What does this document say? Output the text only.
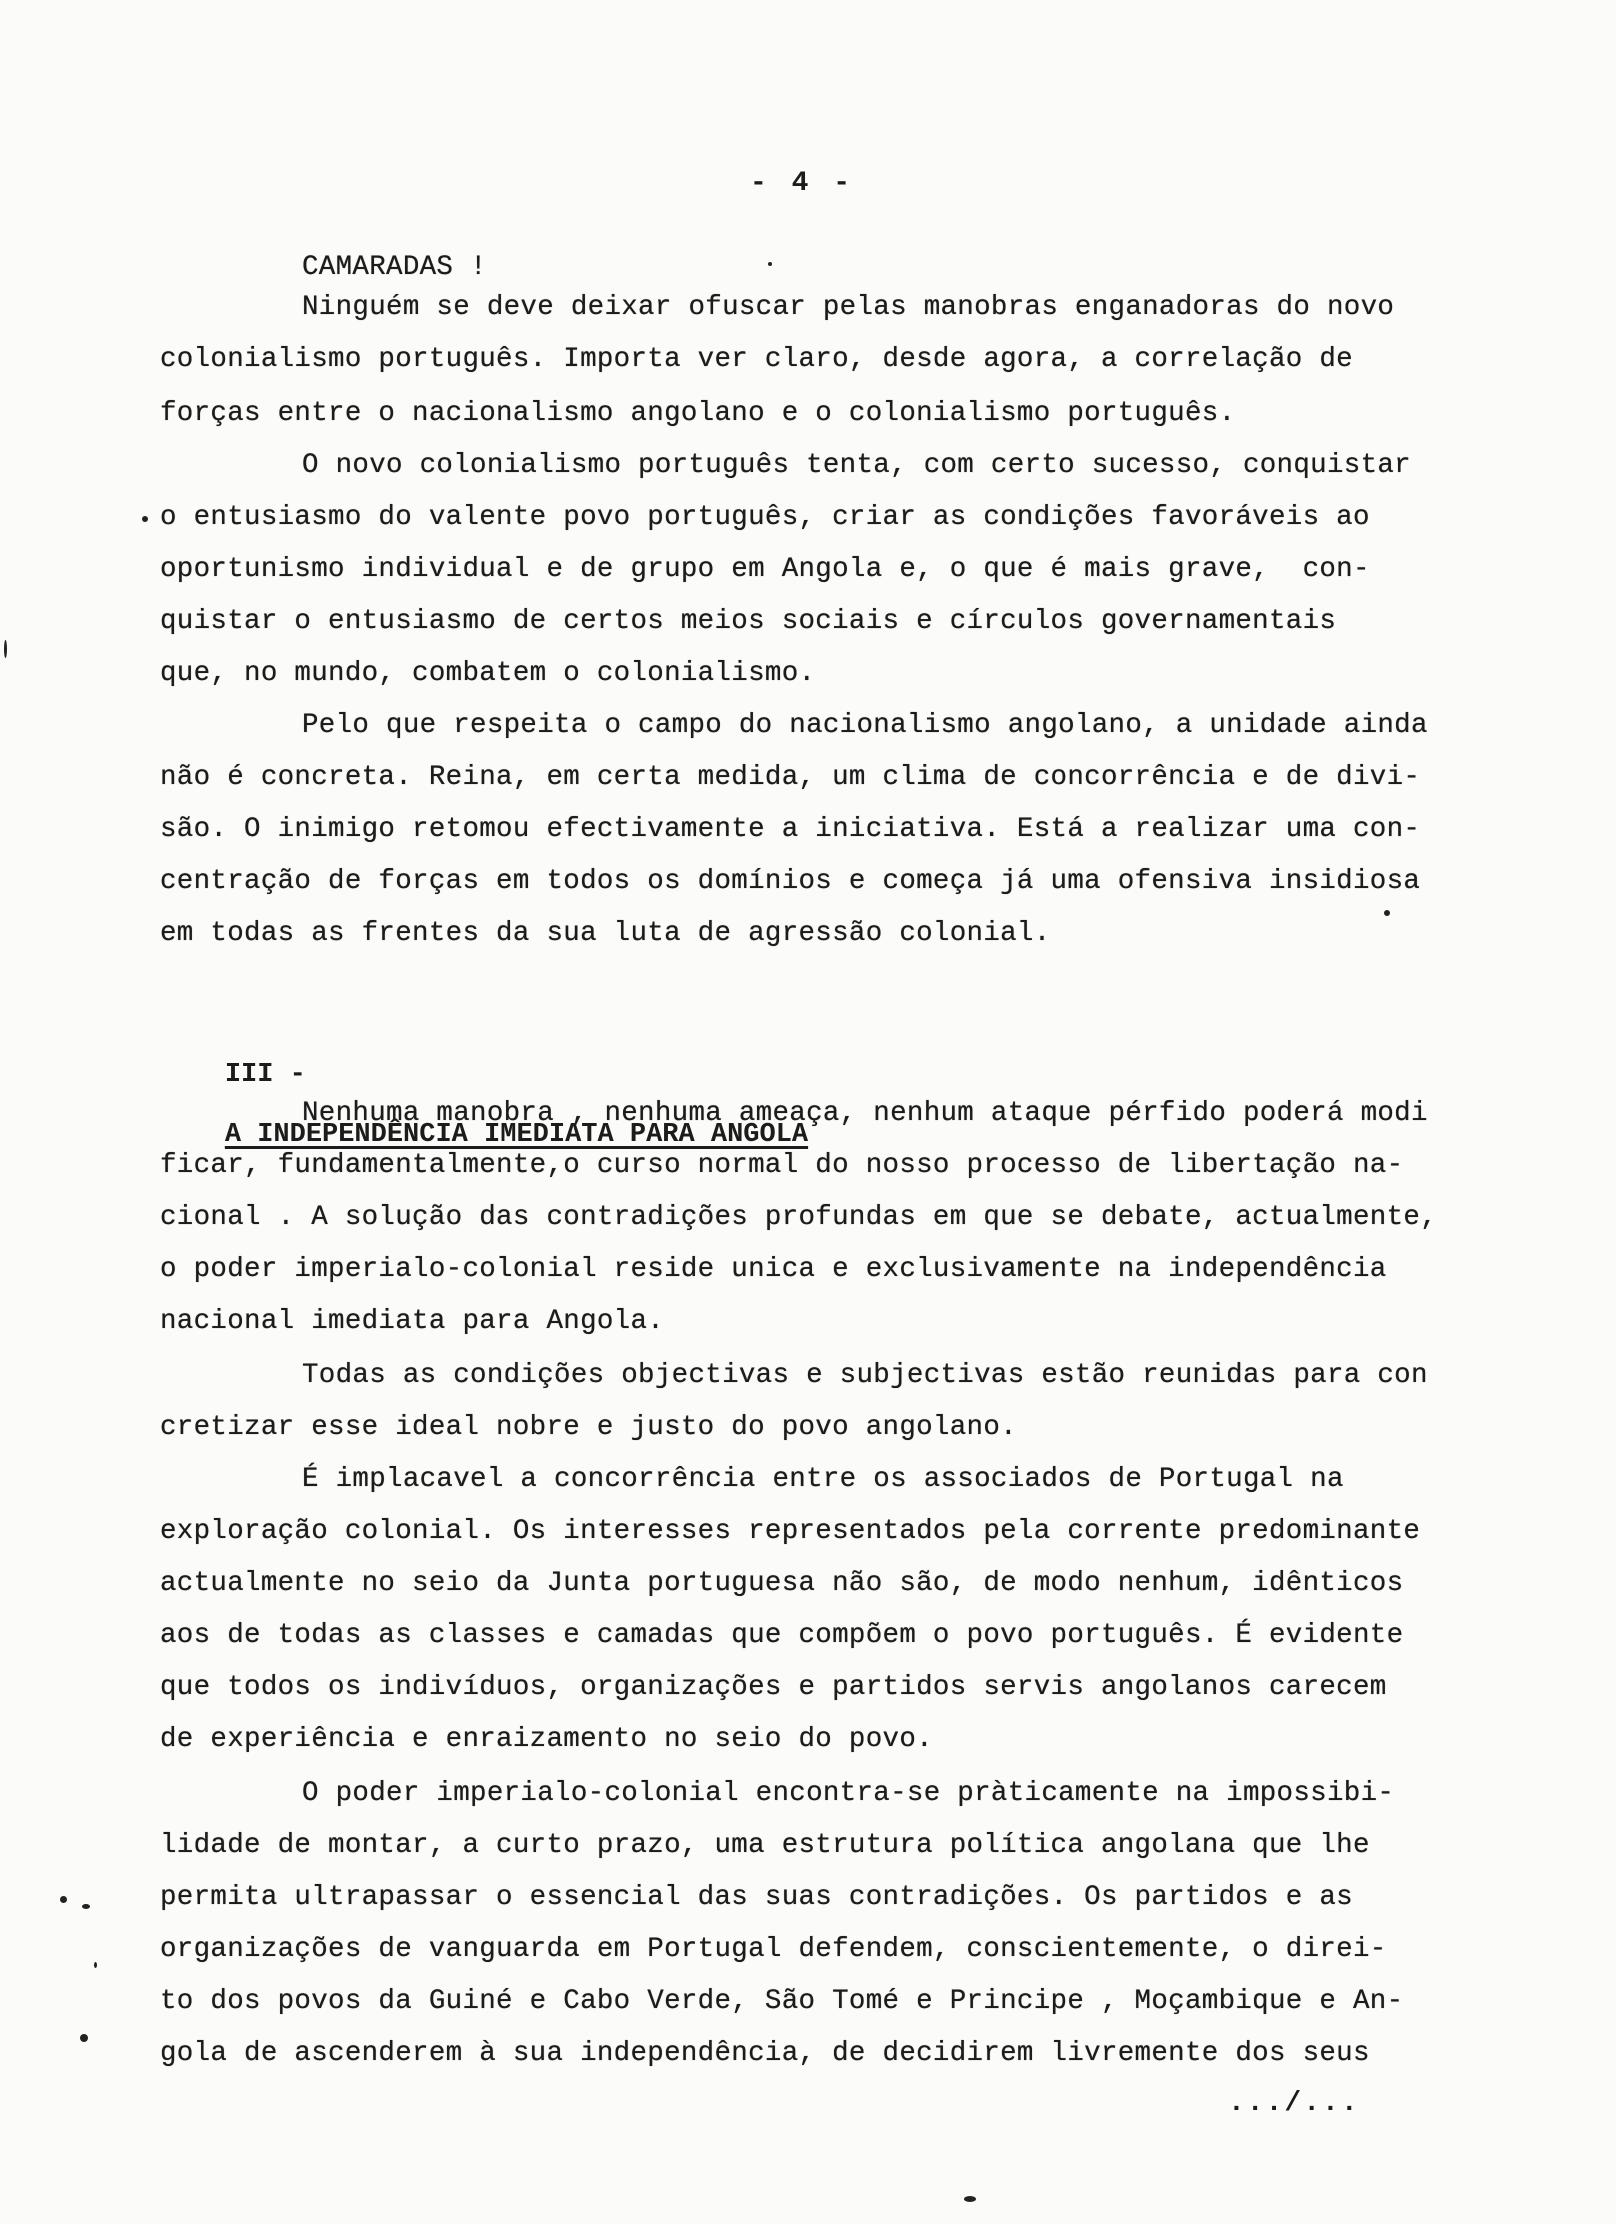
- 4 -
CAMARADAS !
Ninguém se deve deixar ofuscar pelas manobras enganadoras do novo
colonialismo português. Importa ver claro, desde agora, a correlação de
forças entre o nacionalismo angolano e o colonialismo português.
O novo colonialismo português tenta, com certo sucesso, conquistar
o entusiasmo do valente povo português, criar as condições favoráveis ao
oportunismo individual e de grupo em Angola e, o que é mais grave,  con-
quistar o entusiasmo de certos meios sociais e círculos governamentais
que, no mundo, combatem o colonialismo.
Pelo que respeita o campo do nacionalismo angolano, a unidade ainda
não é concreta. Reina, em certa medida, um clima de concorrência e de divi-
são. O inimigo retomou efectivamente a iniciativa. Está a realizar uma con-
centração de forças em todos os domínios e começa já uma ofensiva insidiosa
em todas as frentes da sua luta de agressão colonial.

III -

A INDEPENDÊNCIA IMEDIATA PARA ANGOLA

Nenhuma manobra , nenhuma ameaça, nenhum ataque pérfido poderá modi
ficar, fundamentalmente,o curso normal do nosso processo de libertação na-
cional . A solução das contradições profundas em que se debate, actualmente,
o poder imperialo-colonial reside unica e exclusivamente na independência
nacional imediata para Angola.
Todas as condições objectivas e subjectivas estão reunidas para con
cretizar esse ideal nobre e justo do povo angolano.
É implacavel a concorrência entre os associados de Portugal na
exploração colonial. Os interesses representados pela corrente predominante
actualmente no seio da Junta portuguesa não são, de modo nenhum, idênticos
aos de todas as classes e camadas que compõem o povo português. É evidente
que todos os indivíduos, organizações e partidos servis angolanos carecem
de experiência e enraizamento no seio do povo.
O poder imperialo-colonial encontra-se pràticamente na impossibi-
lidade de montar, a curto prazo, uma estrutura política angolana que lhe
permita ultrapassar o essencial das suas contradições. Os partidos e as
organizações de vanguarda em Portugal defendem, conscientemente, o direi-
to dos povos da Guiné e Cabo Verde, São Tomé e Principe , Moçambique e An-
gola de ascenderem à sua independência, de decidirem livremente dos seus
.../...
